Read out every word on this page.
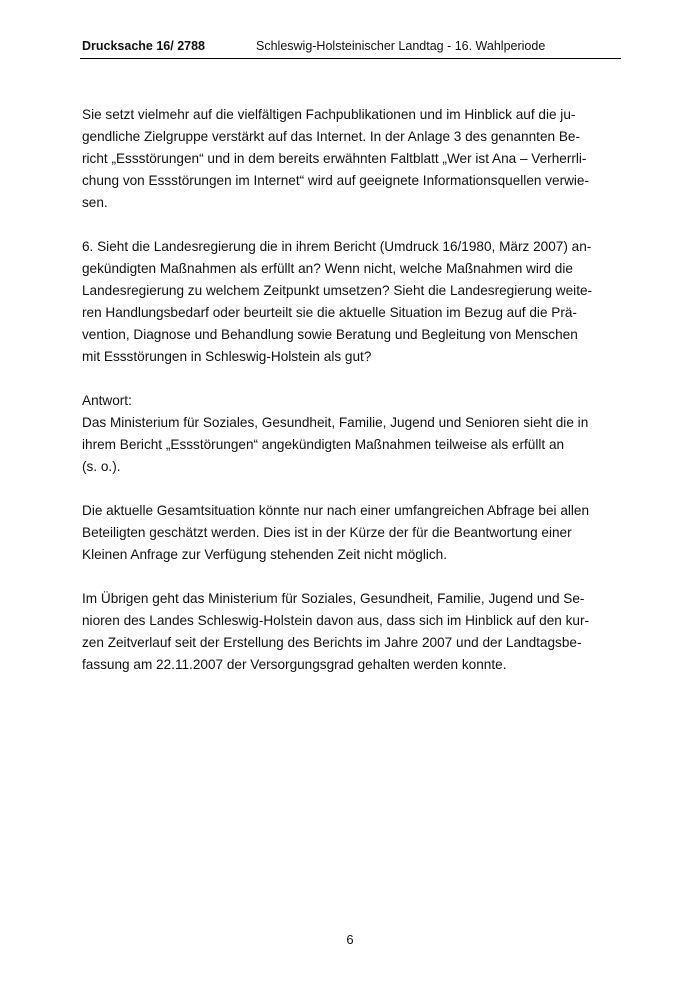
Drucksache 16/ 2788	Schleswig-Holsteinischer Landtag - 16. Wahlperiode

Sie setzt vielmehr auf die vielfältigen Fachpublikationen und im Hinblick auf die ju-
gendliche Zielgruppe verstärkt auf das Internet. In der Anlage 3 des genannten Be-
richt „Essstörungen“ und in dem bereits erwähnten Faltblatt „Wer ist Ana – Verherrli-
chung von Essstörungen im Internet“ wird auf geeignete Informationsquellen verwie-
sen.

6. Sieht die Landesregierung die in ihrem Bericht (Umdruck 16/1980, März 2007) an-
gekündigten Maßnahmen als erfüllt an? Wenn nicht, welche Maßnahmen wird die
Landesregierung zu welchem Zeitpunkt umsetzen? Sieht die Landesregierung weite-
ren Handlungsbedarf oder beurteilt sie die aktuelle Situation im Bezug auf die Prä-
vention, Diagnose und Behandlung sowie Beratung und Begleitung von Menschen
mit Essstörungen in Schleswig-Holstein als gut?

Antwort:
Das Ministerium für Soziales, Gesundheit, Familie, Jugend und Senioren sieht die in
ihrem Bericht „Essstörungen“ angekündigten Maßnahmen teilweise als erfüllt an
(s. o.).

Die aktuelle Gesamtsituation könnte nur nach einer umfangreichen Abfrage bei allen
Beteiligten geschätzt werden. Dies ist in der Kürze der für die Beantwortung einer
Kleinen Anfrage zur Verfügung stehenden Zeit nicht möglich.

Im Übrigen geht das Ministerium für Soziales, Gesundheit, Familie, Jugend und Se-
nioren des Landes Schleswig-Holstein davon aus, dass sich im Hinblick auf den kur-
zen Zeitverlauf seit der Erstellung des Berichts im Jahre 2007 und der Landtagsbe-
fassung am 22.11.2007 der Versorgungsgrad gehalten werden konnte.

6
